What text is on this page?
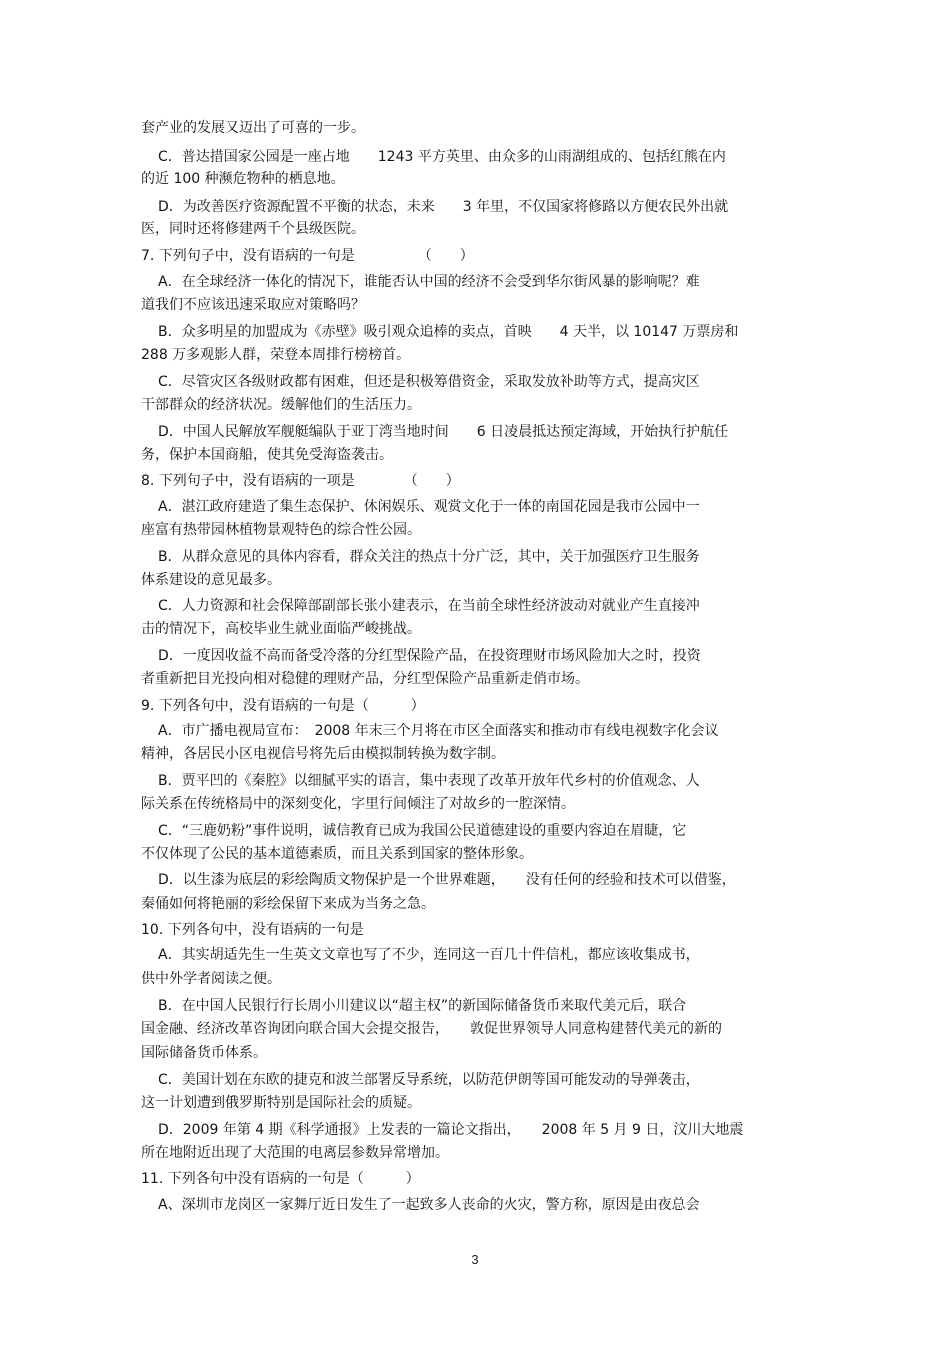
套产业的发展又迈出了可喜的一步。
C．普达措国家公园是一座占地　　1243 平方英里、由众多的山雨湖组成的、包括红熊在内
的近 100 种濒危物种的栖息地。
D．为改善医疗资源配置不平衡的状态，未来　　3 年里，不仅国家将修路以方便农民外出就
医，同时还将修建两千个县级医院。
7. 下列句子中，没有语病的一句是　　　　　（　　）
A．在全球经济一体化的情况下，谁能否认中国的经济不会受到华尔街风暴的影响呢？难
道我们不应该迅速采取应对策略吗？
B．众多明星的加盟成为《赤壁》吸引观众追棒的卖点，首映　　4 天半，以 10147 万票房和
288 万多观影人群，荣登本周排行榜榜首。
C．尽管灾区各级财政都有困难，但还是积极筹借资金，采取发放补助等方式，提高灾区
干部群众的经济状况。缓解他们的生活压力。
D．中国人民解放军舰艇编队于亚丁湾当地时间　　6 日凌晨抵达预定海域，开始执行护航任
务，保护本国商船，使其免受海盗袭击。
8. 下列句子中，没有语病的一项是　　　　（　　）
A．湛江政府建造了集生态保护、休闲娱乐、观赏文化于一体的南国花园是我市公园中一
座富有热带园林植物景观特色的综合性公园。
B．从群众意见的具体内容看，群众关注的热点十分广泛，其中，关于加强医疗卫生服务
体系建设的意见最多。
C．人力资源和社会保障部副部长张小建表示，在当前全球性经济波动对就业产生直接冲
击的情况下，高校毕业生就业面临严峻挑战。
D．一度因收益不高而备受冷落的分红型保险产品，在投资理财市场风险加大之时，投资
者重新把目光投向相对稳健的理财产品，分红型保险产品重新走俏市场。
9. 下列各句中，没有语病的一句是（　　　）
A．市广播电视局宣布：　2008 年末三个月将在市区全面落实和推动市有线电视数字化会议
精神，各居民小区电视信号将先后由模拟制转换为数字制。
B．贾平凹的《秦腔》以细腻平实的语言，集中表现了改革开放年代乡村的价值观念、人
际关系在传统格局中的深刻变化，字里行间倾注了对故乡的一腔深情。
C．“三鹿奶粉”事件说明，诚信教育已成为我国公民道德建设的重要内容迫在眉睫，它
不仅体现了公民的基本道德素质，而且关系到国家的整体形象。
D．以生漆为底层的彩绘陶质文物保护是一个世界难题，　　没有任何的经验和技术可以借鉴，
秦俑如何将艳丽的彩绘保留下来成为当务之急。
10. 下列各句中，没有语病的一句是
A．其实胡适先生一生英文文章也写了不少，连同这一百几十件信札，都应该收集成书，
供中外学者阅读之便。
B．在中国人民银行行长周小川建议以“超主权”的新国际储备货币来取代美元后，联合
国金融、经济改革咨询团向联合国大会提交报告，　　敦促世界领导人同意构建替代美元的新的
国际储备货币体系。
C．美国计划在东欧的捷克和波兰部署反导系统，以防范伊朗等国可能发动的导弹袭击，
这一计划遭到俄罗斯特别是国际社会的质疑。
D．2009 年第 4 期《科学通报》上发表的一篇论文指出，　　2008 年 5 月 9 日，汶川大地震
所在地附近出现了大范围的电离层参数异常增加。
11. 下列各句中没有语病的一句是（　　　）
A、深圳市龙岗区一家舞厅近日发生了一起致多人丧命的火灾，警方称，原因是由夜总会
3
